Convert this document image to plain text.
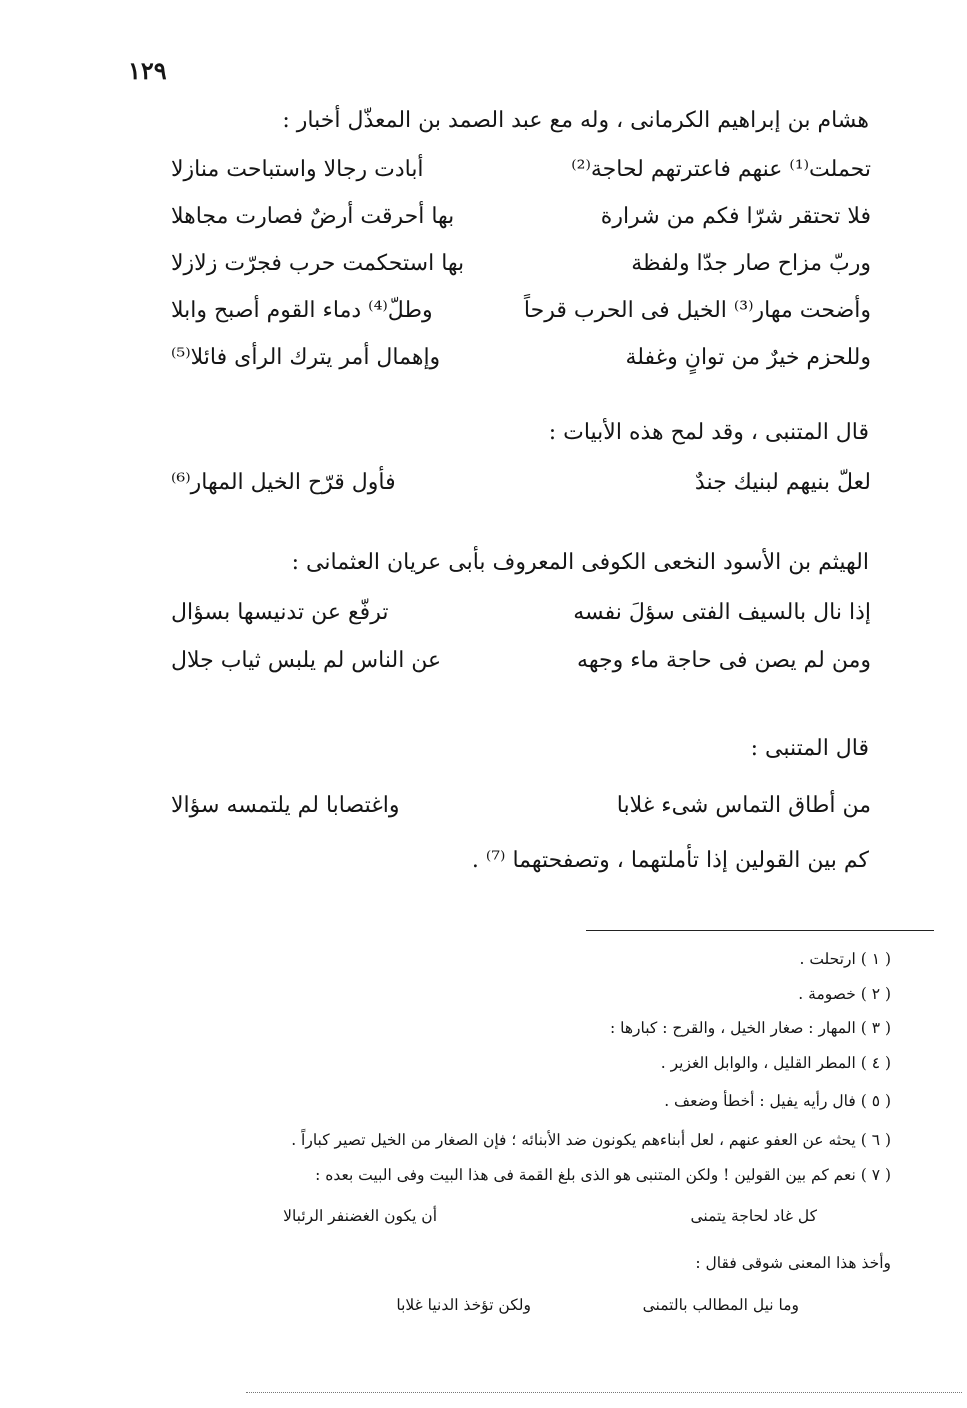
١٢٩
هشام بن إبراهيم الكرمانى ، وله مع عبد الصمد بن المعذّل أخبار :
تحملت⁽¹⁾ عنهم فاعترتهم لحاجة⁽²⁾
أبادت رجالا واستباحت منازلا
فلا تحتقر شرّا فكم من شرارة
بها أحرقت أرضٌ فصارت مجاهلا
وربّ مزاح صار جدّا ولفظة
بها استحكمت حرب فجرّت زلازلا
وأضحت مهار⁽³⁾ الخيل فى الحرب قرحاً
وطلّ⁽⁴⁾ دماء القوم أصبح وابلا
وللحزم خيرٌ من توانٍ وغفلة
وإهمال أمر يترك الرأى فائلا⁽⁵⁾
قال المتنبى ، وقد لمح هذه الأبيات :
لعلّ بنيهم لبنيك جندٌ
فأول قرّح الخيل المهار⁽⁶⁾
الهيثم بن الأسود النخعى الكوفى المعروف بأبى عريان العثمانى :
إذا نال بالسيف الفتى سؤلَ نفسه
ترفّع عن تدنيسها بسؤال
ومن لم يصن فى حاجة ماء وجهه
عن الناس لم يلبس ثياب جلال
قال المتنبى :
من أطاق التماس شىء غلابا
واغتصابا لم يلتمسه سؤالا
كم بين القولين إذا تأملتهما ، وتصفحتهما ⁽⁷⁾ .
( ١ ) ارتحلت .
( ٢ ) خصومة .
( ٣ ) المهار : صغار الخيل ، والقرح : كبارها :
( ٤ ) المطر القليل ، والوابل الغزير .
( ٥ ) فال رأيه يفيل : أخطأ وضعف .
( ٦ ) يحثه عن العفو عنهم ، لعل أبناءهم يكونون ضد الأبنائه ؛ فإن الصغار من الخيل تصير كباراً .
( ٧ ) نعم كم بين القولين ! ولكن المتنبى هو الذى بلغ القمة فى هذا البيت وفى البيت بعده :
كل غاد لحاجة يتمنى
أن يكون الغضنفر الرئبالا
وأخذ هذا المعنى شوقى فقال :
وما نيل المطالب بالتمنى
ولكن تؤخذ الدنيا غلابا
